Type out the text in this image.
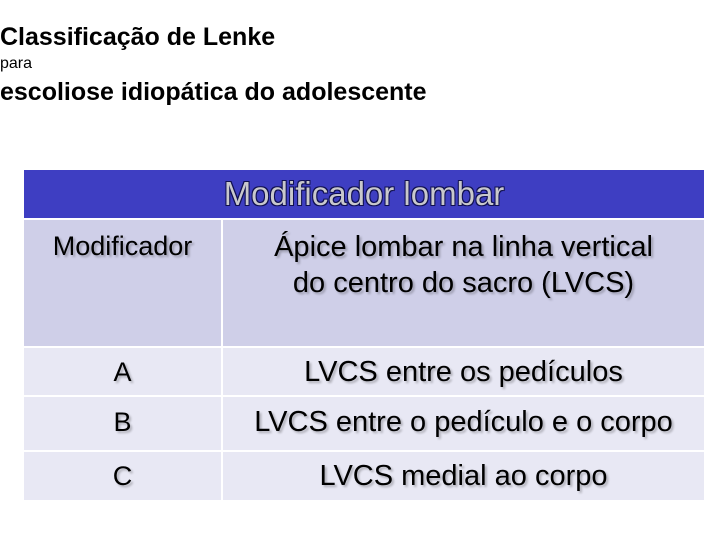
Classificação de Lenke
para
escoliose idiopática do adolescente
Modificador lombar
Modificador	Ápice lombar na linha vertical
do centro do sacro (LVCS)
A	LVCS entre os pedículos
B	LVCS entre o pedículo e o corpo
C	LVCS medial ao corpo
